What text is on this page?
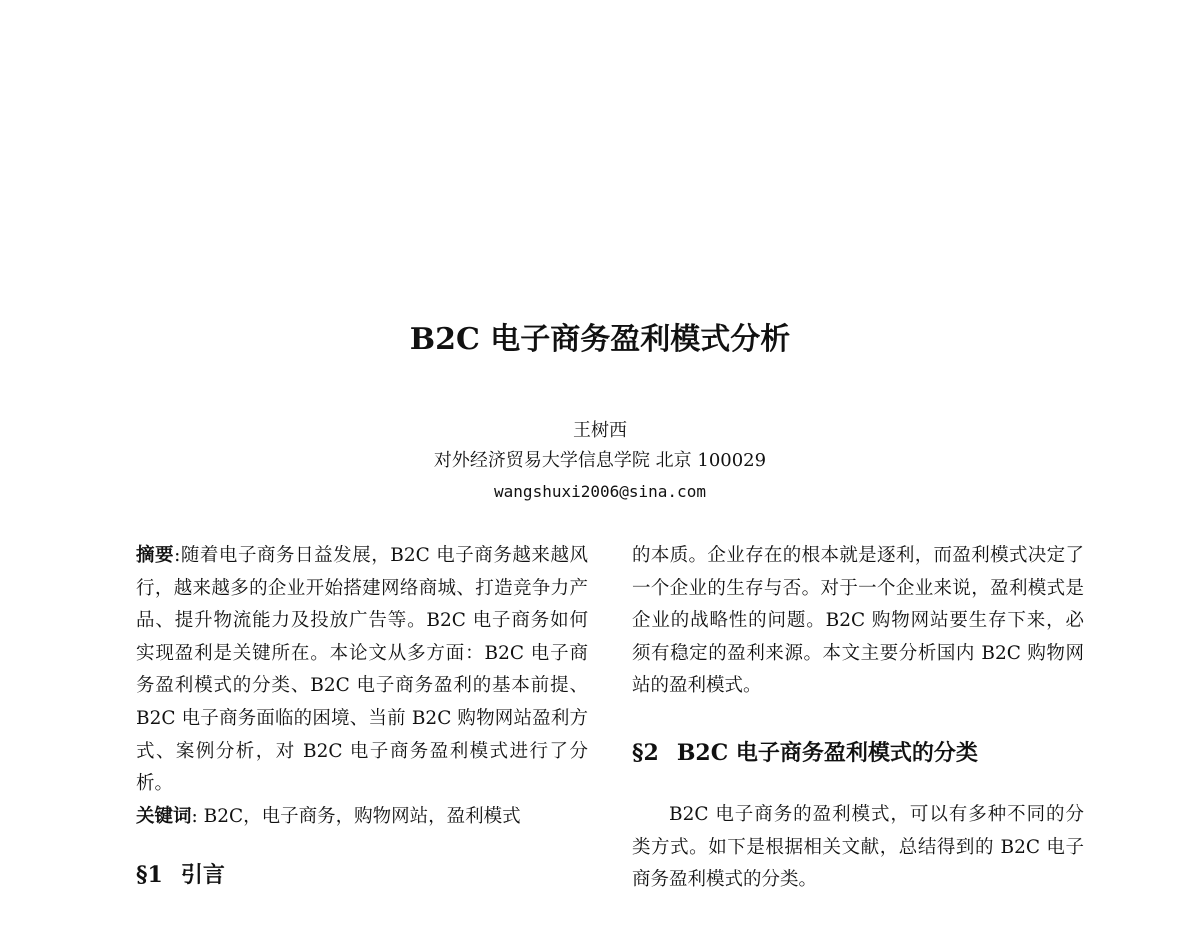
B2C 电子商务盈利模式分析
王树西
对外经济贸易大学信息学院 北京 100029
wangshuxi2006@sina.com

摘要:随着电子商务日益发展，B2C 电子商务越来越风行，越来越多的企业开始搭建网络商城、打造竞争力产品、提升物流能力及投放广告等。B2C 电子商务如何实现盈利是关键所在。本论文从多方面：B2C 电子商务盈利模式的分类、B2C 电子商务盈利的基本前提、B2C 电子商务面临的困境、当前 B2C 购物网站盈利方式、案例分析，对 B2C 电子商务盈利模式进行了分析。

关键词: B2C，电子商务，购物网站，盈利模式

§1 引言

的本质。企业存在的根本就是逐利，而盈利模式决定了一个企业的生存与否。对于一个企业来说，盈利模式是企业的战略性的问题。B2C 购物网站要生存下来，必须有稳定的盈利来源。本文主要分析国内 B2C 购物网站的盈利模式。

§2 B2C 电子商务盈利模式的分类

B2C 电子商务的盈利模式，可以有多种不同的分类方式。如下是根据相关文献，总结得到的 B2C 电子商务盈利模式的分类。
